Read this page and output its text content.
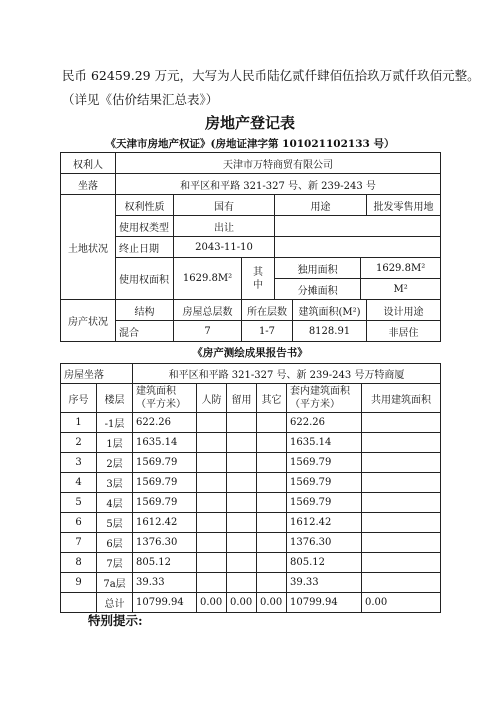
民币 62459.29 万元，大写为人民币陆亿贰仟肆佰伍拾玖万贰仟玖佰元整。
（详见《估价结果汇总表》）
房地产登记表
《天津市房地产权证》(房地证津字第 101021102133 号）
权利人	天津市万特商贸有限公司
坐落	和平区和平路 321-327 号、新 239-243 号
土地状况	权利性质	国有	用途	批发零售用地
使用权类型	出让	
终止日期	2043-11-10	
使用权面积	1629.8M²	其
中	
独用面积	1629.8M²
分摊面积	M²

房产状况	结构	房屋总层数	所在层数	建筑面积(M²)	设计用途
混合	7	1-7	8128.91	非居住
《房产测绘成果报告书》
房屋坐落		和平区和平路 321-327 号、新 239-243 号万特商厦					
序号	楼层	建筑面积（平方米）	人防	留用	其它	套内建筑面积（平方米）	共用建筑面积
1	-1层	622.26				622.26	
2	1层	1635.14				1635.14	
3	2层	1569.79				1569.79	
4	3层	1569.79				1569.79	
5	4层	1569.79				1569.79	
6	5层	1612.42				1612.42	
7	6层	1376.30				1376.30	
8	7层	805.12				805.12	
9	7a层	39.33				39.33	
	总计	10799.94	0.00	0.00	0.00	10799.94	0.00
特别提示:
